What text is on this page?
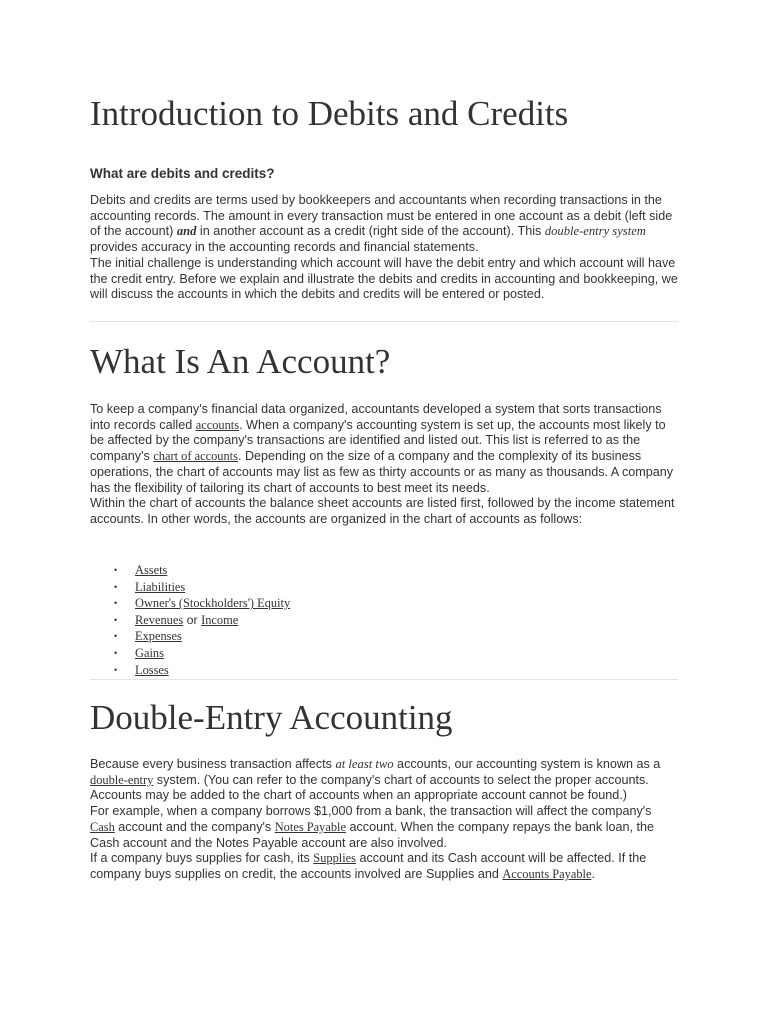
Introduction to Debits and Credits
What are debits and credits?

Debits and credits are terms used by bookkeepers and accountants when recording transactions in the accounting records. The amount in every transaction must be entered in one account as a debit (left side of the account) and in another account as a credit (right side of the account). This double-entry system provides accuracy in the accounting records and financial statements.

The initial challenge is understanding which account will have the debit entry and which account will have the credit entry. Before we explain and illustrate the debits and credits in accounting and bookkeeping, we will discuss the accounts in which the debits and credits will be entered or posted.

What Is An Account?

To keep a company's financial data organized, accountants developed a system that sorts transactions into records called accounts. When a company's accounting system is set up, the accounts most likely to be affected by the company's transactions are identified and listed out. This list is referred to as the company's chart of accounts. Depending on the size of a company and the complexity of its business operations, the chart of accounts may list as few as thirty accounts or as many as thousands. A company has the flexibility of tailoring its chart of accounts to best meet its needs.

Within the chart of accounts the balance sheet accounts are listed first, followed by the income statement accounts. In other words, the accounts are organized in the chart of accounts as follows:

• Assets
• Liabilities
• Owner's (Stockholders') Equity
• Revenues or Income
• Expenses
• Gains
• Losses
Double-Entry Accounting

Because every business transaction affects at least two accounts, our accounting system is known as a double-entry system. (You can refer to the company's chart of accounts to select the proper accounts. Accounts may be added to the chart of accounts when an appropriate account cannot be found.)

For example, when a company borrows $1,000 from a bank, the transaction will affect the company's Cash account and the company's Notes Payable account. When the company repays the bank loan, the Cash account and the Notes Payable account are also involved.

If a company buys supplies for cash, its Supplies account and its Cash account will be affected. If the company buys supplies on credit, the accounts involved are Supplies and Accounts Payable.
